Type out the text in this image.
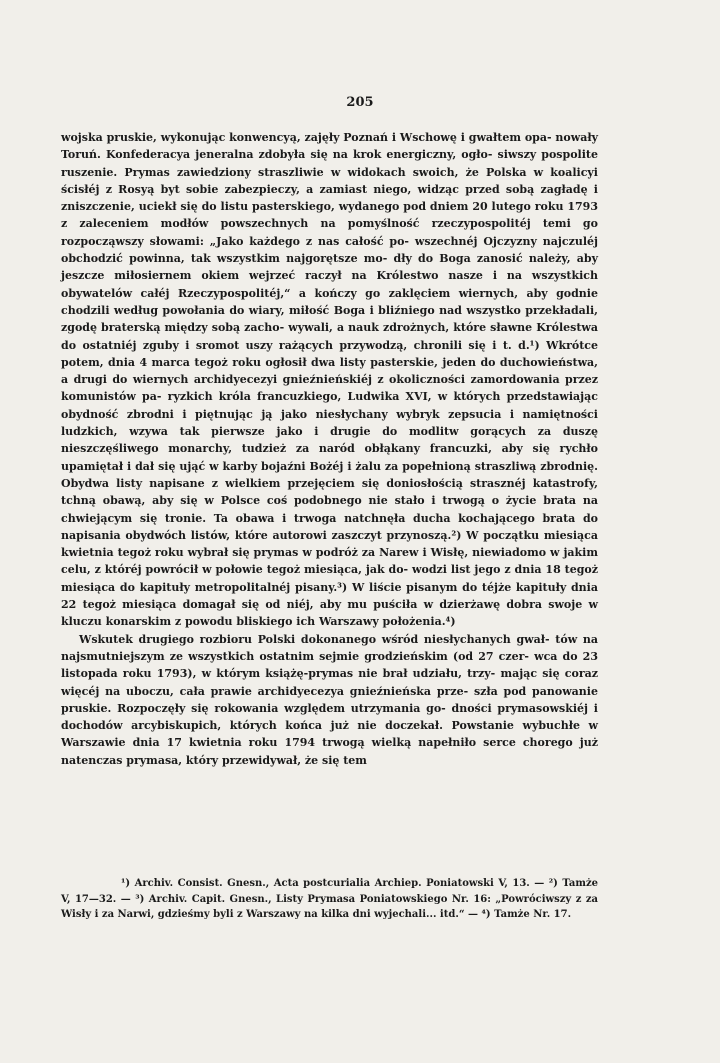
205

wojska pruskie, wykonując konwencyą, zajęły Poznań i Wschowę i gwałtem opa- nowały Toruń. Konfederacya jeneralna zdobyła się na krok energiczny, ogło- siwszy pospolite ruszenie. Prymas zawiedziony straszliwie w widokach swoich, że Polska w koalicyi ścisłéj z Rosyą byt sobie zabezpieczy, a zamiast niego, widząc przed sobą zagładę i zniszczenie, uciekł się do listu pasterskiego, wydanego pod dniem 20 lutego roku 1793 z zaleceniem modłów powszechnych na pomyślność rzeczypospolitéj temi go rozpocząwszy słowami: „Jako każdego z nas całość po- wszechnéj Ojczyzny najczuléj obchodzić powinna, tak wszystkim najgorętsze mo- dły do Boga zanosić należy, aby jeszcze miłosiernem okiem wejrzeć raczył na Królestwo nasze i na wszystkich obywatelów całéj Rzeczypospolitéj,“ a kończy go zaklęciem wiernych, aby godnie chodzili według powołania do wiary, miłość Boga i bliźniego nad wszystko przekładali, zgodę braterską między sobą zacho- wywali, a nauk zdrożnych, które sławne Królestwa do ostatniéj zguby i sromot uszy rażących przywodzą, chronili się i t. d.¹) Wkrótce potem, dnia 4 marca tegoż roku ogłosił dwa listy pasterskie, jeden do duchowieństwa, a drugi do wiernych archidyecezyi gnieźnieńskiéj z okoliczności zamordowania przez komunistów pa- ryzkich króla francuzkiego, Ludwika XVI, w których przedstawiając obydność zbrodni i piętnując ją jako niesłychany wybryk zepsucia i namiętności ludzkich, wzywa tak pierwsze jako i drugie do modlitw gorących za duszę nieszczęśliwego monarchy, tudzież za naród obłąkany francuzki, aby się rychło upamiętał i dał się ująć w karby bojaźni Bożéj i żalu za popełnioną straszliwą zbrodnię. Obydwa listy napisane z wielkiem przejęciem się doniosłością strasznéj katastrofy, tchną obawą, aby się w Polsce coś podobnego nie stało i trwogą o życie brata na chwiejącym się tronie. Ta obawa i trwoga natchnęła ducha kochającego brata do napisania obydwóch listów, które autorowi zaszczyt przynoszą.²) W początku miesiąca kwietnia tegoż roku wybrał się prymas w podróż za Narew i Wisłę, niewiadomo w jakim celu, z któréj powrócił w połowie tegoż miesiąca, jak do- wodzi list jego z dnia 18 tegoż miesiąca do kapituły metropolitalnéj pisany.³) W liście pisanym do téjże kapituły dnia 22 tegoż miesiąca domagał się od niéj, aby mu puściła w dzierżawę dobra swoje w kluczu konarskim z powodu bliskiego ich Warszawy położenia.⁴)

Wskutek drugiego rozbioru Polski dokonanego wśród niesłychanych gwał- tów na najsmutniejszym ze wszystkich ostatnim sejmie grodzieńskim (od 27 czer- wca do 23 listopada roku 1793), w którym książę-prymas nie brał udziału, trzy- mając się coraz więcéj na uboczu, cała prawie archidyecezya gnieźnieńska prze- szła pod panowanie pruskie. Rozpoczęły się rokowania względem utrzymania go- dności prymasowskiéj i dochodów arcybiskupich, których końca już nie doczekał. Powstanie wybuchłe w Warszawie dnia 17 kwietnia roku 1794 trwogą wielką napełniło serce chorego już natenczas prymasa, który przewidywał, że się tem

¹) Archiv. Consist. Gnesn., Acta postcurialia Archiep. Poniatowski V, 13. — ²) Tamże V, 17—32. — ³) Archiv. Capit. Gnesn., Listy Prymasa Poniatowskiego Nr. 16: „Powróciwszy z za Wisły i za Narwi, gdzieśmy byli z Warszawy na kilka dni wyjechali... itd.“ — ⁴) Tamże Nr. 17.
